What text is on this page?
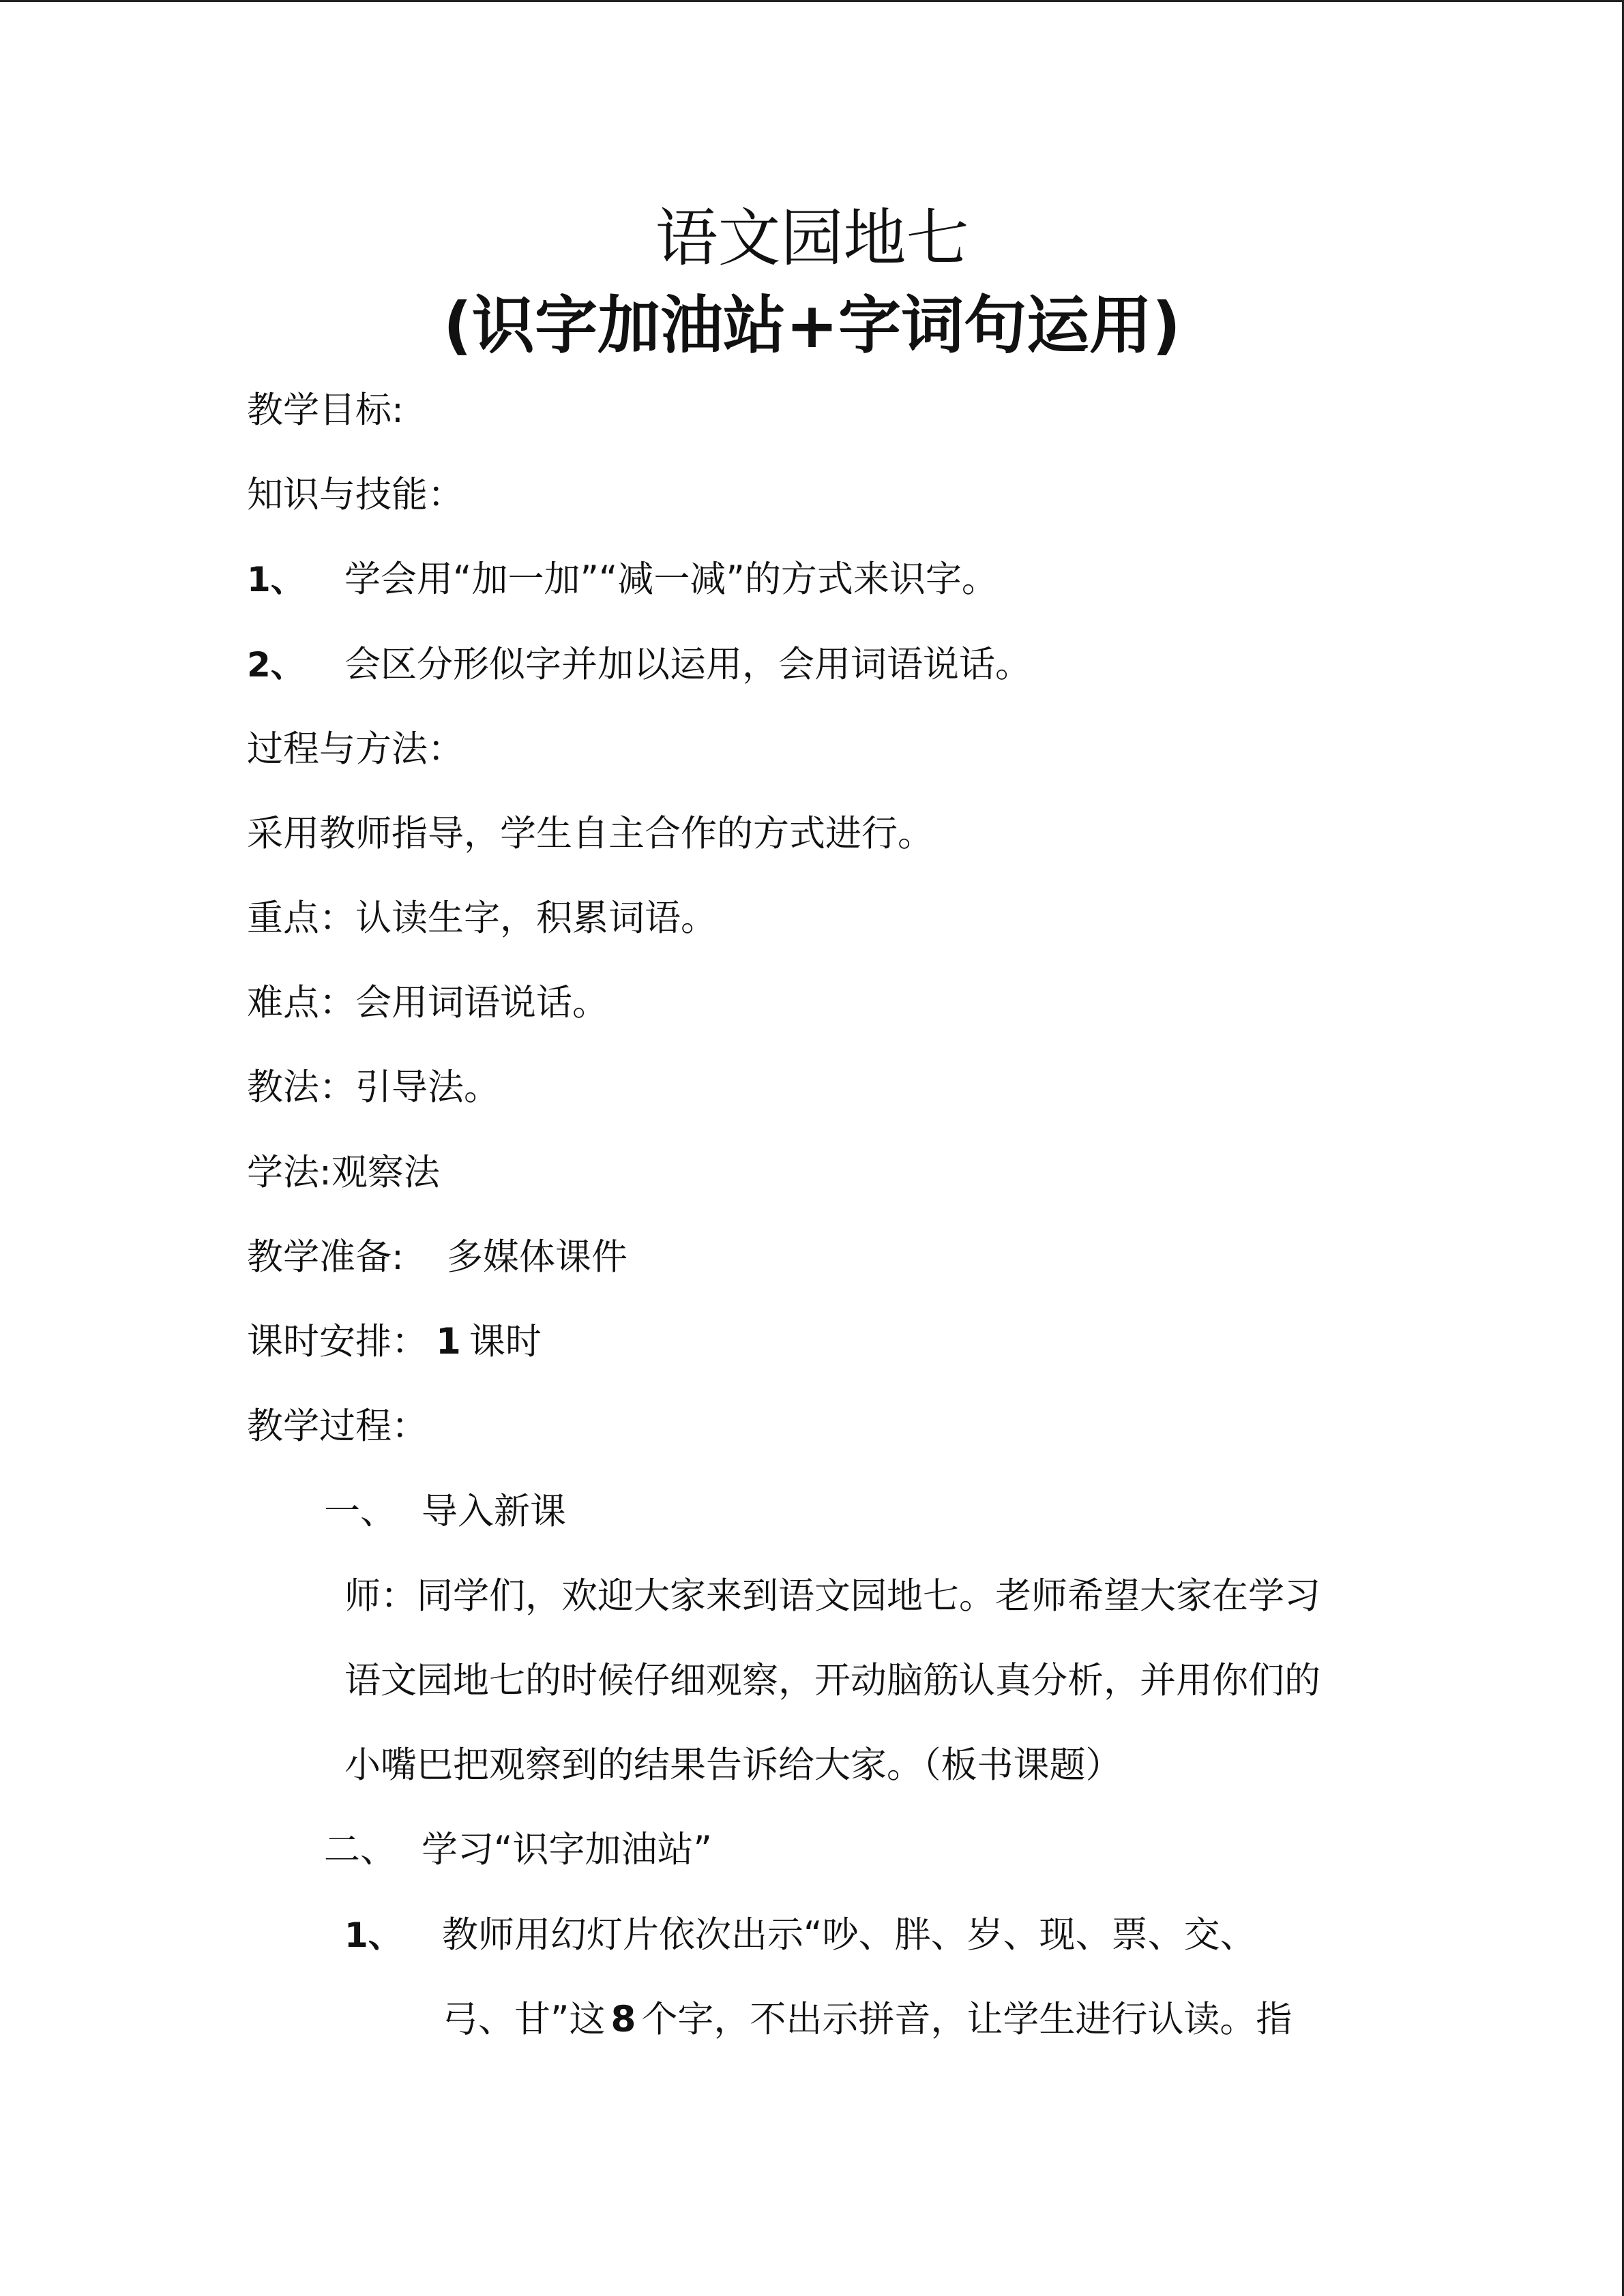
语文园地七
(识字加油站+字词句运用)
教学目标:
知识与技能：
1、 学会用“加一加”“减一减”的方式来识字。
2、 会区分形似字并加以运用，会用词语说话。
过程与方法：
采用教师指导，学生自主合作的方式进行。
重点：认读生字，积累词语。
难点：会用词语说话。
教法：引导法。
学法:观察法
教学准备: 多媒体课件
课时安排： 1 课时
教学过程：
一、 导入新课
师：同学们，欢迎大家来到语文园地七。老师希望大家在学习
语文园地七的时候仔细观察，开动脑筋认真分析，并用你们的
小嘴巴把观察到的结果告诉给大家。（板书课题）
二、 学习“识字加油站”
1、 教师用幻灯片依次出示“吵、胖、岁、现、票、交、
弓、甘”这 8 个字，不出示拼音，让学生进行认读。指
